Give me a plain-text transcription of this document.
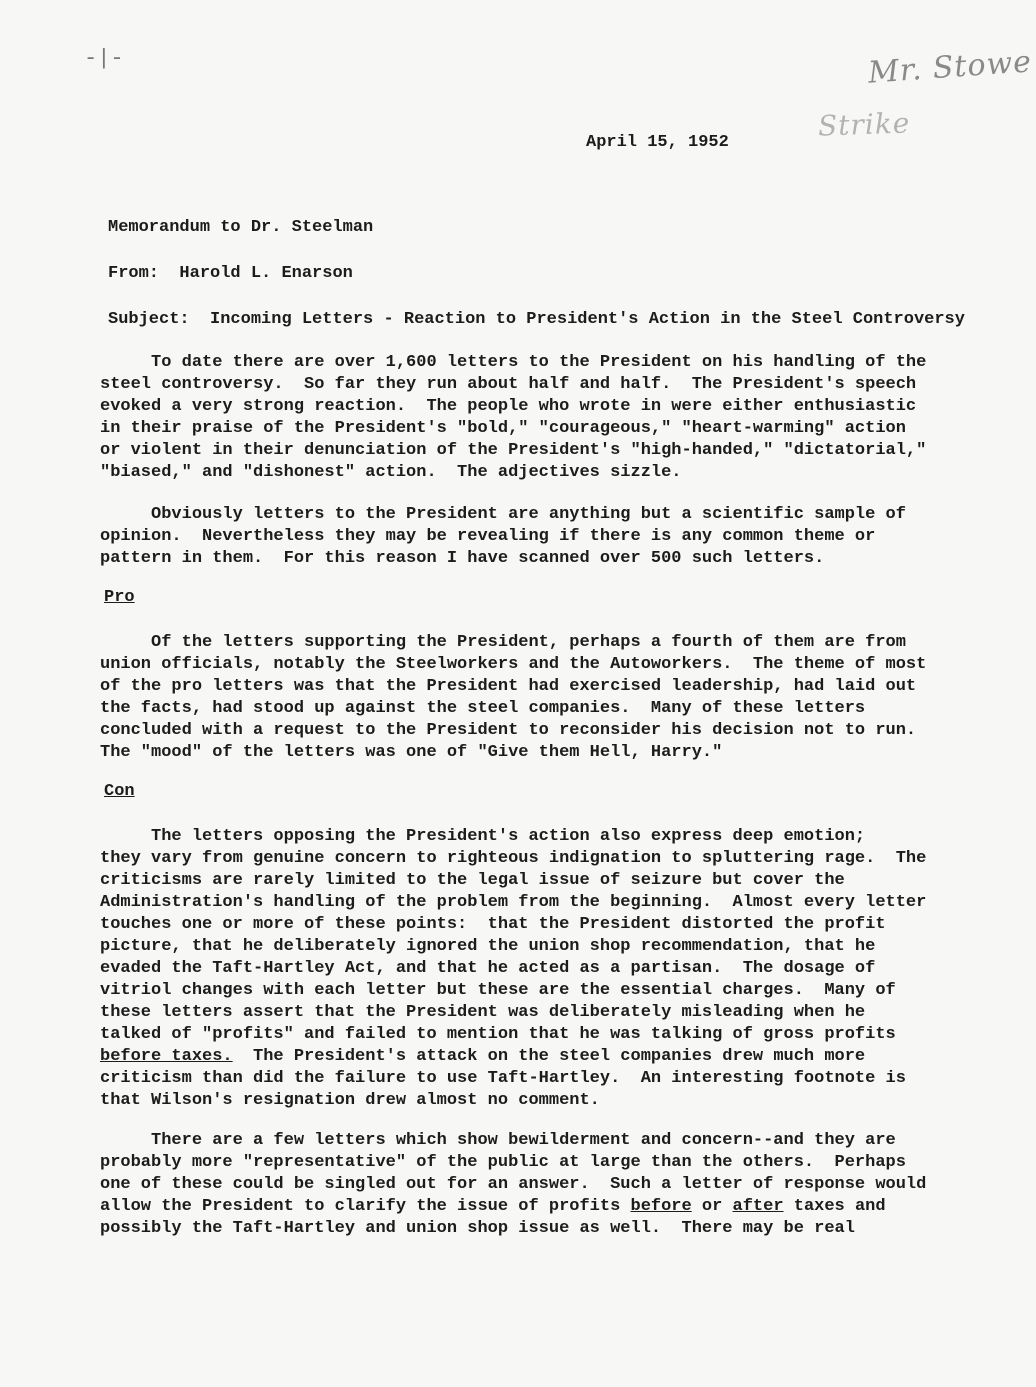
-|-	Mr. Stowe
Strike
April 15, 1952
Memorandum to Dr. Steelman
From: Harold L. Enarson
Subject: Incoming Letters - Reaction to President's Action in the Steel Controversy
To date there are over 1,600 letters to the President on his handling of the
steel controversy.  So far they run about half and half.  The President's speech
evoked a very strong reaction.  The people who wrote in were either enthusiastic
in their praise of the President's "bold," "courageous," "heart-warming" action
or violent in their denunciation of the President's "high-handed," "dictatorial,"
"biased," and "dishonest" action.  The adjectives sizzle.
Obviously letters to the President are anything but a scientific sample of
opinion.  Nevertheless they may be revealing if there is any common theme or
pattern in them.  For this reason I have scanned over 500 such letters.
Pro
Of the letters supporting the President, perhaps a fourth of them are from
union officials, notably the Steelworkers and the Autoworkers.  The theme of most
of the pro letters was that the President had exercised leadership, had laid out
the facts, had stood up against the steel companies.  Many of these letters
concluded with a request to the President to reconsider his decision not to run.
The "mood" of the letters was one of "Give them Hell, Harry."
Con
The letters opposing the President's action also express deep emotion;
they vary from genuine concern to righteous indignation to spluttering rage.  The
criticisms are rarely limited to the legal issue of seizure but cover the
Administration's handling of the problem from the beginning.  Almost every letter
touches one or more of these points:  that the President distorted the profit
picture, that he deliberately ignored the union shop recommendation, that he
evaded the Taft-Hartley Act, and that he acted as a partisan.  The dosage of
vitriol changes with each letter but these are the essential charges.  Many of
these letters assert that the President was deliberately misleading when he
talked of "profits" and failed to mention that he was talking of gross profits
before taxes.  The President's attack on the steel companies drew much more
criticism than did the failure to use Taft-Hartley.  An interesting footnote is
that Wilson's resignation drew almost no comment.
There are a few letters which show bewilderment and concern--and they are
probably more "representative" of the public at large than the others.  Perhaps
one of these could be singled out for an answer.  Such a letter of response would
allow the President to clarify the issue of profits before or after taxes and
possibly the Taft-Hartley and union shop issue as well.  There may be real
